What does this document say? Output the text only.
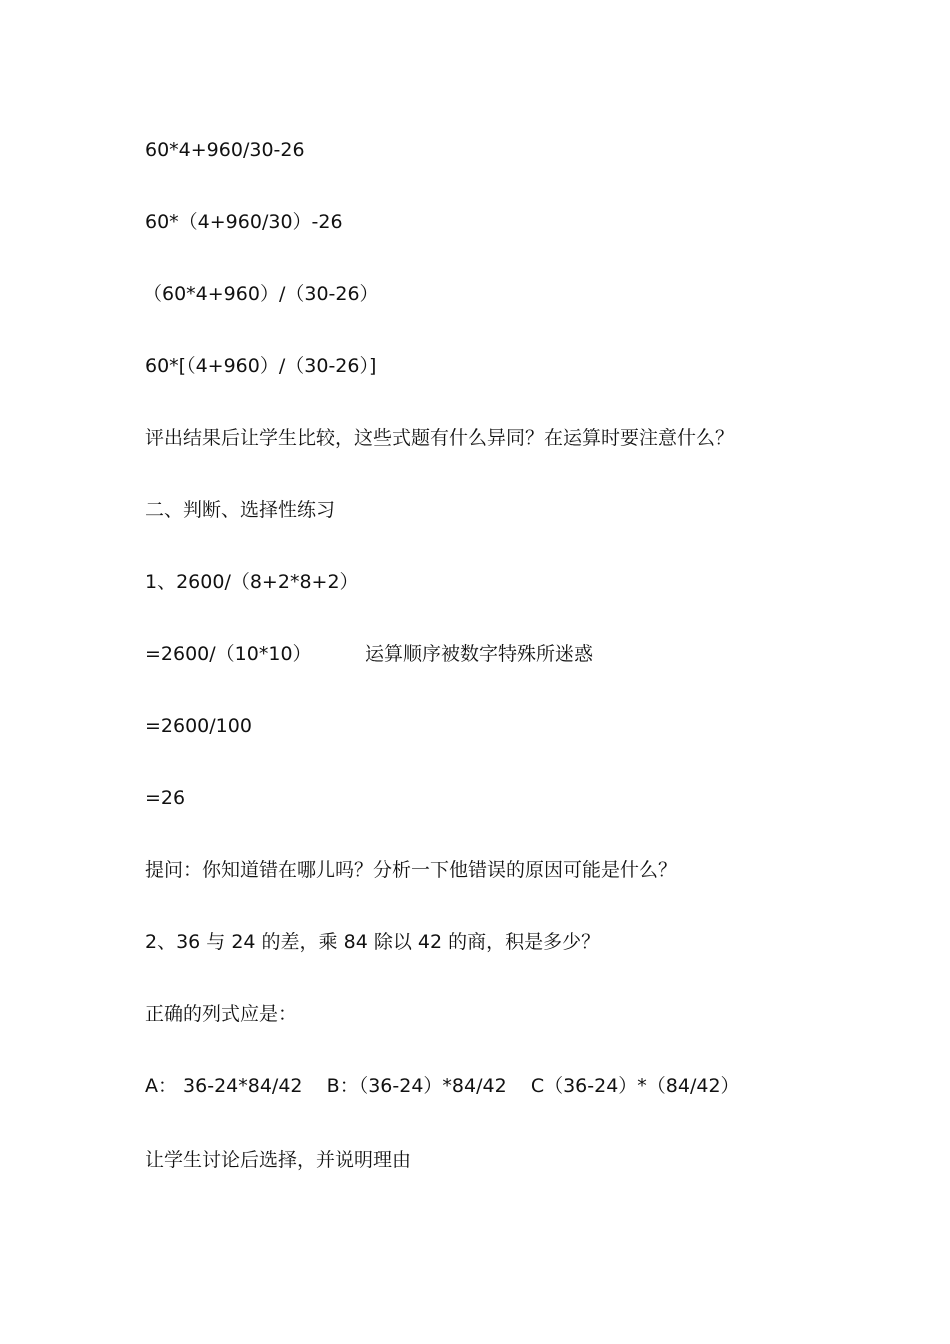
60*4+960/30-26
60*（4+960/30）-26
（60*4+960）/（30-26）
60*[（4+960）/（30-26）]
评出结果后让学生比较，这些式题有什么异同？在运算时要注意什么？
二、判断、选择性练习
1、2600/（8+2*8+2）
=2600/（10*10）	运算顺序被数字特殊所迷惑
=2600/100
=26
提问：你知道错在哪儿吗？分析一下他错误的原因可能是什么？
2、36 与 24 的差，乘 84 除以 42 的商，积是多少？
正确的列式应是：
A： 36-24*84/42    B：（36-24）*84/42    C（36-24）*（84/42）
让学生讨论后选择，并说明理由
